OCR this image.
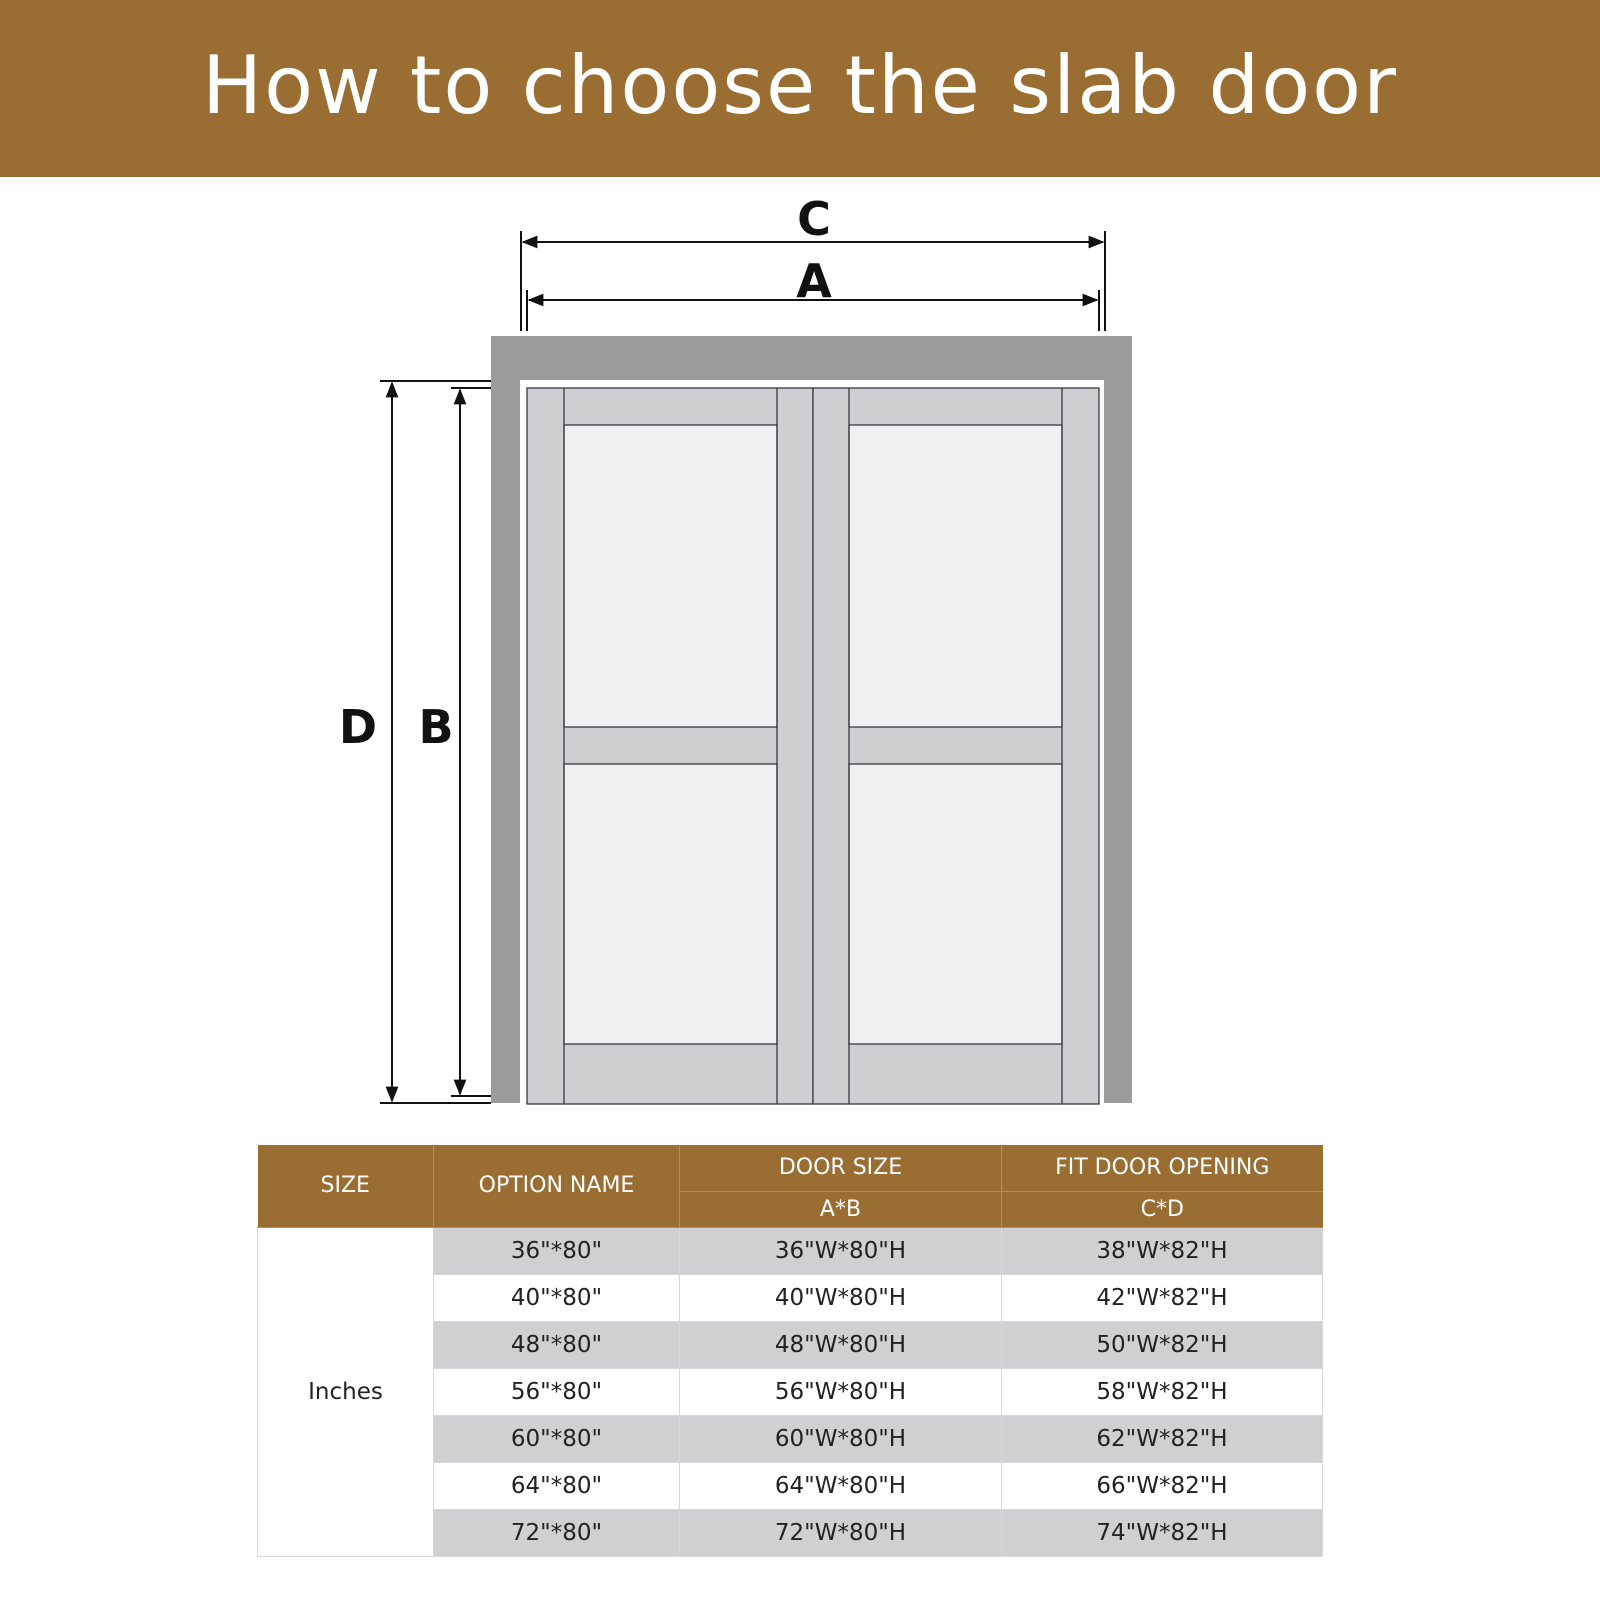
How to choose the slab door
C
A
D B
SIZE	OPTION NAME	DOOR SIZE	FIT DOOR OPENING
		A*B	C*D
Inches	36"*80"	36"W*80"H	38"W*82"H
	40"*80"	40"W*80"H	42"W*82"H
	48"*80"	48"W*80"H	50"W*82"H
	56"*80"	56"W*80"H	58"W*82"H
	60"*80"	60"W*80"H	62"W*82"H
	64"*80"	64"W*80"H	66"W*82"H
	72"*80"	72"W*80"H	74"W*82"H
